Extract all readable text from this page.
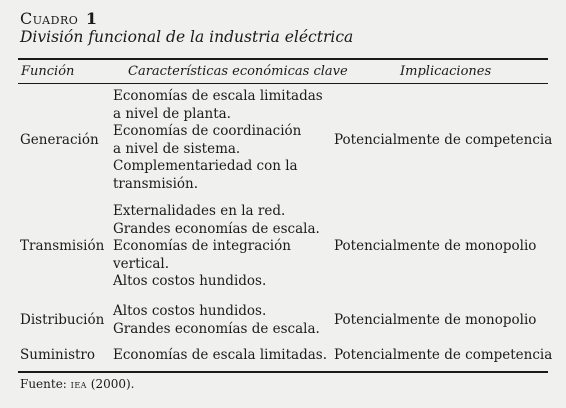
Cuadro 1
División funcional de la industria eléctrica
Función	Características económicas clave	Implicaciones
Generación
Economías de escala limitadas
a nivel de planta.
Economías de coordinación
a nivel de sistema.
Complementariedad con la
transmisión.
Potencialmente de competencia
Transmisión
Externalidades en la red.
Grandes economías de escala.
Economías de integración
vertical.
Altos costos hundidos.
Potencialmente de monopolio
Distribución
Altos costos hundidos.
Grandes economías de escala.
Potencialmente de monopolio
Suministro Economías de escala limitadas. Potencialmente de competencia
Fuente: iea (2000).
